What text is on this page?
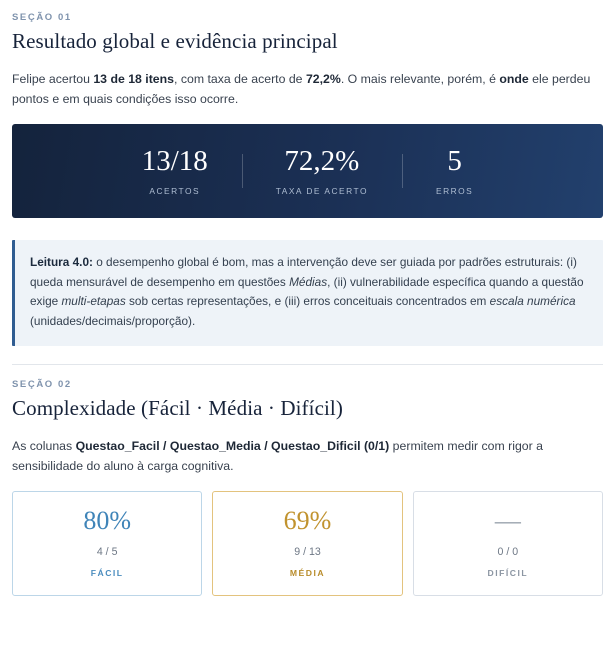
SEÇÃO 01
Resultado global e evidência principal

Felipe acertou 13 de 18 itens, com taxa de acerto de 72,2%. O mais relevante, porém, é onde ele perdeu pontos e em quais condições isso ocorre.

13/18
ACERTOS
72,2%
TAXA DE ACERTO
5
ERROS
Leitura 4.0: o desempenho global é bom, mas a intervenção deve ser guiada por padrões estruturais: (i) queda mensurável de desempenho em questões Médias, (ii) vulnerabilidade específica quando a questão exige multi-etapas sob certas representações, e (iii) erros conceituais concentrados em escala numérica (unidades/decimais/proporção).
SEÇÃO 02
Complexidade (Fácil · Média · Difícil)

As colunas Questao_Facil / Questao_Media / Questao_Dificil (0/1) permitem medir com rigor a sensibilidade do aluno à carga cognitiva.

80%
4 / 5
FÁCIL
69%
9 / 13
MÉDIA
—
0 / 0
DIFÍCIL
